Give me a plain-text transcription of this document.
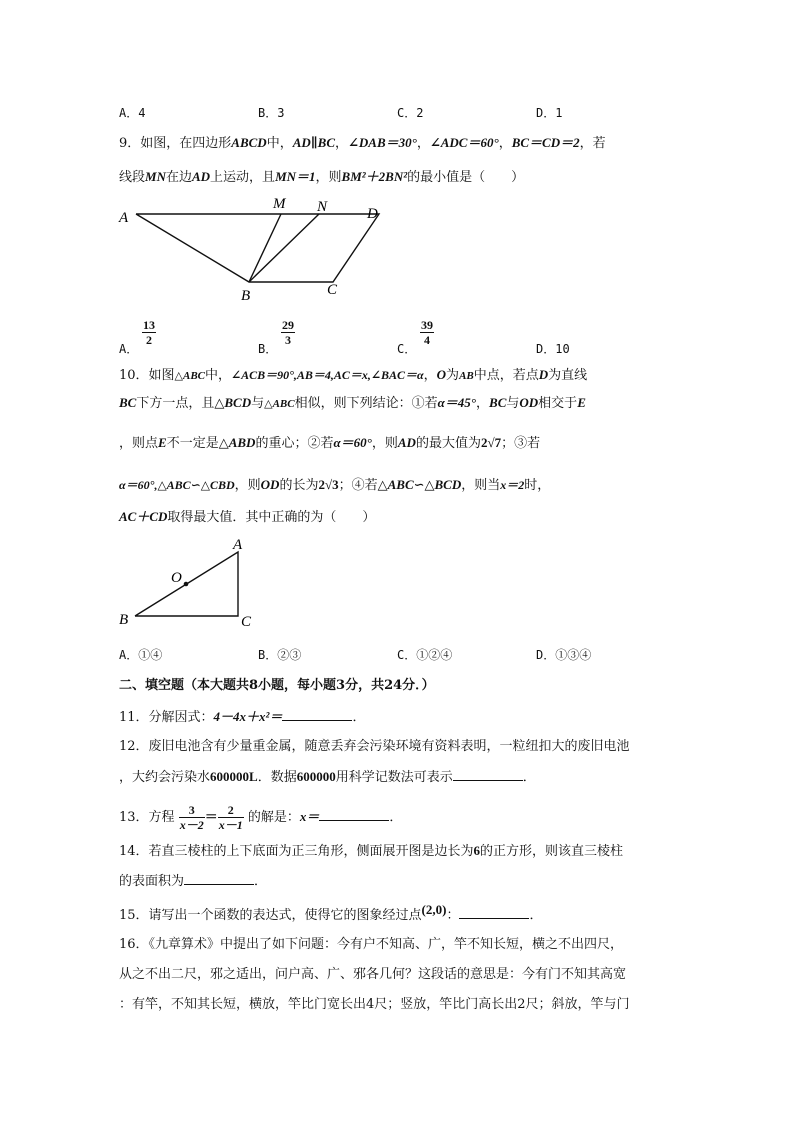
A．4	B．3	C．2	D．1
9．如图，在四边形ABCD中，AD∥BC，∠DAB＝30°，∠ADC＝60°，BC＝CD＝2，若
线段MN在边AD上运动，且MN＝1，则BM²＋2BN²的最小值是（　　）
A
M N	D
B	C
A．
$\frac{13}{2}$
B．
$\frac{29}{3}$
C．
$\frac{39}{4}$
D．10
10．如图△ABC中，∠ACB＝90°,AB＝4,AC＝x,∠BAC＝α，O为AB中点，若点D为直线
BC下方一点，且△BCD与△ABC相似，则下列结论：①若α＝45°，BC与OD相交于E
，则点E不一定是△ABD的重心；②若α＝60°，则AD的最大值为2√7；③若
α＝60°,△ABC∽△CBD，则OD的长为2√3；④若△ABC∽△BCD，则当x＝2时，
AC＋CD取得最大值．其中正确的为（　　）
A
O
B	C
A．①④	B．②③	C．①②④	D．①③④
二、填空题（本大题共8小题，每小题3分，共24分．）
11．分解因式：4－4x＋x²＝	．
12．废旧电池含有少量重金属，随意丢弃会污染环境有资料表明，一粒纽扣大的废旧电池
，大约会污染水600000L．数据600000用科学记数法可表示	．
13．方程 $\frac{3}{x-2} = \frac{2}{x-1}$ 的解是：x＝	．
14．若直三棱柱的上下底面为正三角形，侧面展开图是边长为6的正方形，则该直三棱柱
的表面积为	．
15．请写出一个函数的表达式，使得它的图象经过点(2,0)：	．
16．《九章算术》中提出了如下问题：今有户不知高、广，竿不知长短，横之不出四尺，
从之不出二尺，邪之适出，问户高、广、邪各几何？这段话的意思是：今有门不知其高宽
：有竿，不知其长短，横放，竿比门宽长出4尺；竖放，竿比门高长出2尺；斜放，竿与门
